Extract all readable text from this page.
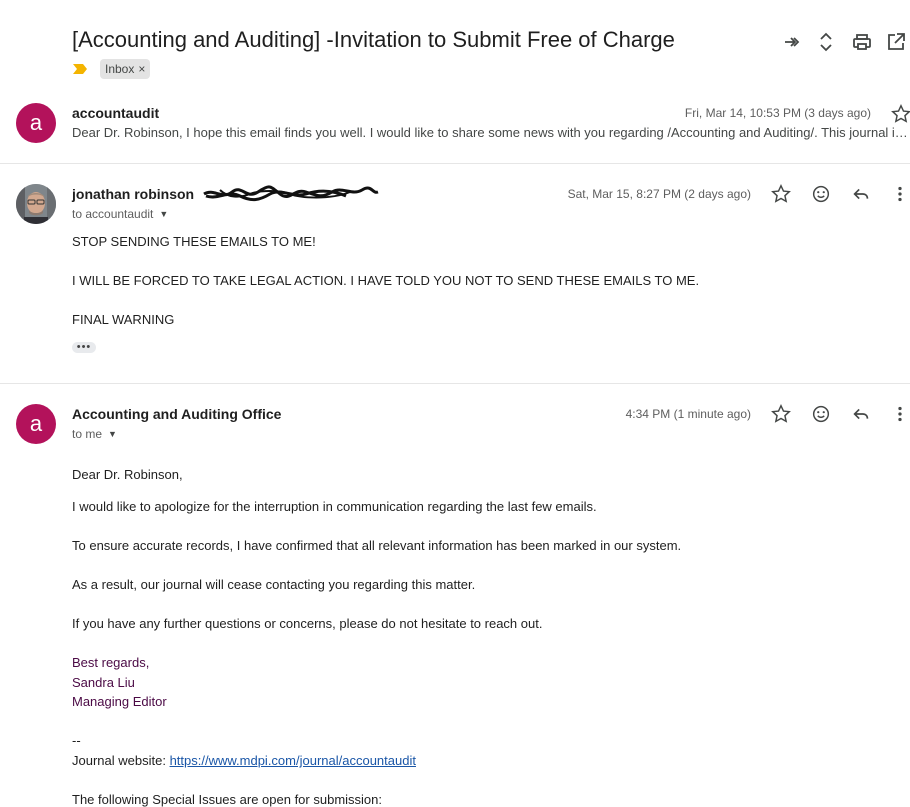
[Accounting and Auditing] -Invitation to Submit Free of Charge
Inbox ×
a	accountaudit	Fri, Mar 14, 10:53 PM (3 days ago)
Dear Dr. Robinson, I hope this email finds you well. I would like to share some news with you regarding /Accounting and Auditing/. This journal i…
jonathan robinson	Sat, Mar 15, 8:27 PM (2 days ago)
to accountaudit ▼
STOP SENDING THESE EMAILS TO ME!
I WILL BE FORCED TO TAKE LEGAL ACTION. I HAVE TOLD YOU NOT TO SEND THESE EMAILS TO ME.
FINAL WARNING
•••
a	Accounting and Auditing Office	4:34 PM (1 minute ago)
to me ▼
Dear Dr. Robinson,
I would like to apologize for the interruption in communication regarding the last few emails.
To ensure accurate records, I have confirmed that all relevant information has been marked in our system.
As a result, our journal will cease contacting you regarding this matter.
If you have any further questions or concerns, please do not hesitate to reach out.
Best regards,
Sandra Liu
Managing Editor
--
Journal website: https://www.mdpi.com/journal/accountaudit
The following Special Issues are open for submission:
